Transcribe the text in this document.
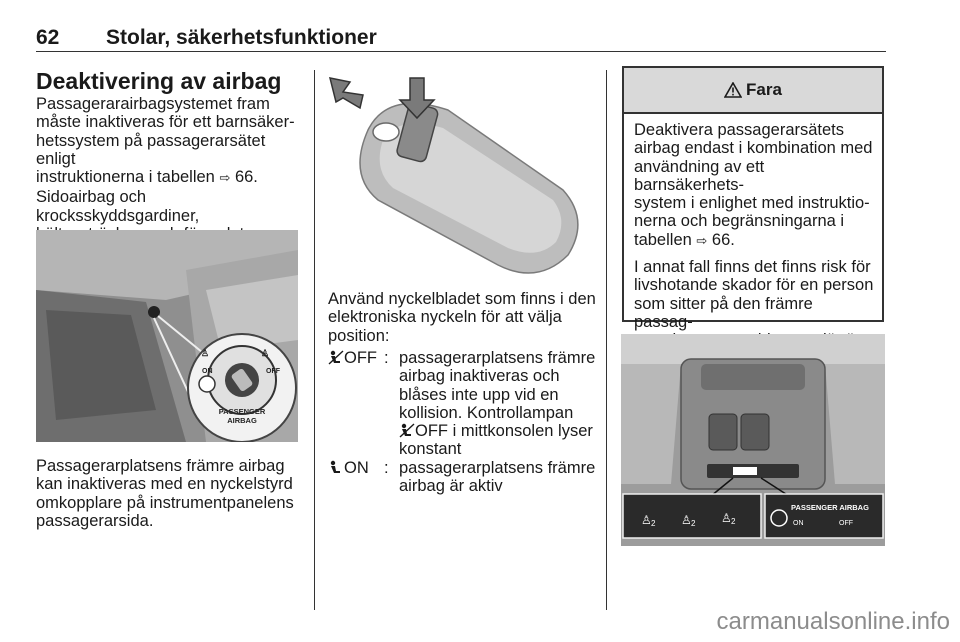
62 Stolar, säkerhetsfunktioner

Deaktivering av airbag

Passagerarairbagsystemet fram

måste inaktiveras för ett barnsäker-

hetssystem på passagerarsätet enligt

instruktionerna i tabellen ⇨ 66.

Sidoairbag och krocksskyddsgardiner,

♙	♙
ON	OFF
PASSENGER
AIRBAG

Passagerarplatsens främre airbag

kan inaktiveras med en nyckelstyrd

omkopplare på instrumentpanelens

passagerarsida.

Använd nyckelbladet som finns i den

elektroniska nyckeln för att välja

position:

OFF : passagerarplatsens främre
airbag inaktiveras och
blåses inte upp vid en
kollision. Kontrollampan
OFF i mittkonsolen lyser
konstant
ON : passagerarplatsens främre
airbag är aktiv
Fara

Deaktivera passagerarsätets
airbag endast i kombination med
användning av ett barnsäkerhets-
system i enlighet med instruktio-
nerna och begränsningarna i
tabellen ⇨ 66.

I annat fall finns det finns risk för
livshotande skador för en person
som sitter på den främre passag-

♙ 2 ♙ 2 ♙ 2
PASSENGER AIRBAG
ON	OFF
carmanualsonline.info
